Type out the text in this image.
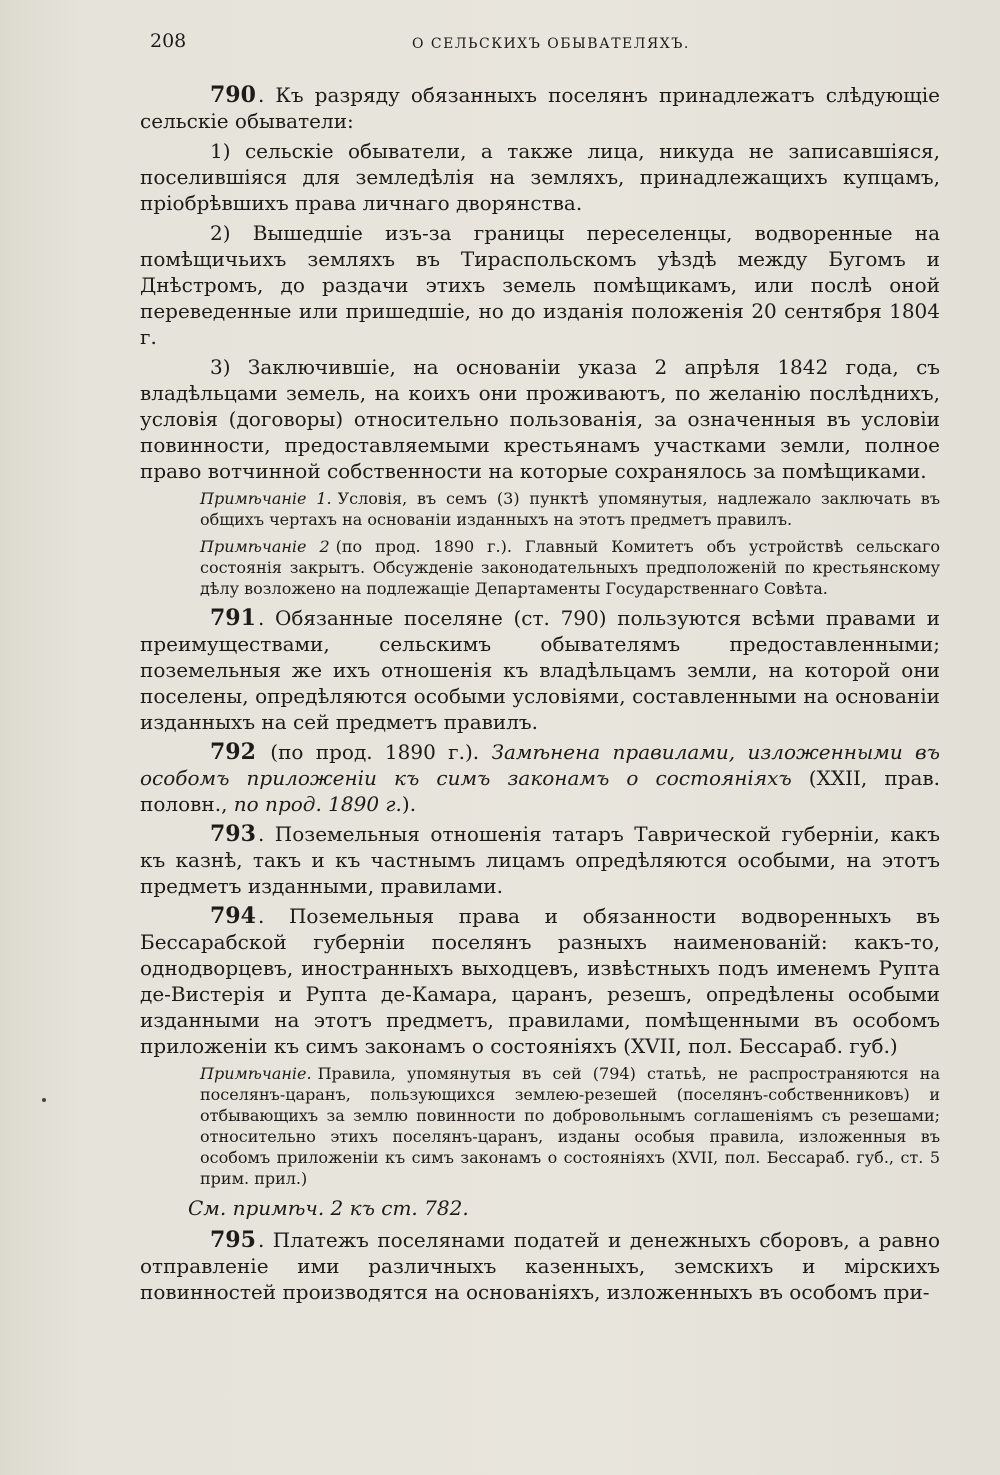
208	О СЕЛЬСКИХЪ ОБЫВАТЕЛЯХЪ.

790 . Къ разряду обязанныхъ поселянъ принадлежатъ слѣдующіе сельскіе обыватели:

1) сельскіе обыватели, а также лица, никуда не записавшіяся, поселившіяся для земледѣлія на земляхъ, принадлежащихъ купцамъ, пріобрѣвшихъ права личнаго дворянства.

2) Вышедшіе изъ-за границы переселенцы, водворенные на помѣщичьихъ земляхъ въ Тираспольскомъ уѣздѣ между Бугомъ и Днѣстромъ, до раздачи этихъ земель помѣщикамъ, или послѣ оной переведенные или пришедшіе, но до изданія положенія 20 сентября 1804 г.

3) Заключившіе, на основаніи указа 2 апрѣля 1842 года, съ владѣльцами земель, на коихъ они проживаютъ, по желанію послѣднихъ, условія (договоры) относительно пользованія, за означенныя въ условіи повинности, предоставляемыми крестьянамъ участками земли, полное право вотчинной собственности на которые сохранялось за помѣщиками.

Примѣчаніе 1. Условія, въ семъ (3) пунктѣ упомянутыя, надлежало заключать въ общихъ чертахъ на основаніи изданныхъ на этотъ предметъ правилъ.

Примѣчаніе 2 (по прод. 1890 г.). Главный Комитетъ объ устройствѣ сельскаго состоянія закрытъ. Обсужденіе законодательныхъ предположеній по крестьянскому дѣлу возложено на подлежащіе Департаменты Государственнаго Совѣта.

791 . Обязанные поселяне (ст. 790) пользуются всѣми правами и преимуществами, сельскимъ обывателямъ предоставленными; поземельныя же ихъ отношенія къ владѣльцамъ земли, на которой они поселены, опредѣляются особыми условіями, составленными на основаніи изданныхъ на сей предметъ правилъ.

792 (по прод. 1890 г.). Замѣнена правилами, изложенными въ особомъ приложеніи къ симъ законамъ о состояніяхъ (XXII, прав. половн., по прод. 1890 г.).

793 . Поземельныя отношенія татаръ Таврической губерніи, какъ къ казнѣ, такъ и къ частнымъ лицамъ опредѣляются особыми, на этотъ предметъ изданными, правилами.

794 . Поземельныя права и обязанности водворенныхъ въ Бессарабской губерніи поселянъ разныхъ наименованій: какъ-то, однодворцевъ, иностранныхъ выходцевъ, извѣстныхъ подъ именемъ Рупта де-Вистерія и Рупта де-Камара, царанъ, резешъ, опредѣлены особыми изданными на этотъ предметъ, правилами, помѣщенными въ особомъ приложеніи къ симъ законамъ о состояніяхъ (XVII, пол. Бессараб. губ.)

Примѣчаніе. Правила, упомянутыя въ сей (794) статьѣ, не распространяются на поселянъ-царанъ, пользующихся землею-резешей (поселянъ-собственниковъ) и отбывающихъ за землю повинности по добровольнымъ соглашеніямъ съ резешами; относительно этихъ поселянъ-царанъ, изданы особыя правила, изложенныя въ особомъ приложеніи къ симъ законамъ о состояніяхъ (XVII, пол. Бессараб. губ., ст. 5 прим. прил.)

См. примѣч. 2 къ ст. 782.

795 . Платежъ поселянами податей и денежныхъ сборовъ, а равно отправленіе ими различныхъ казенныхъ, земскихъ и мірскихъ повинностей производятся на основаніяхъ, изложенныхъ въ особомъ при-
